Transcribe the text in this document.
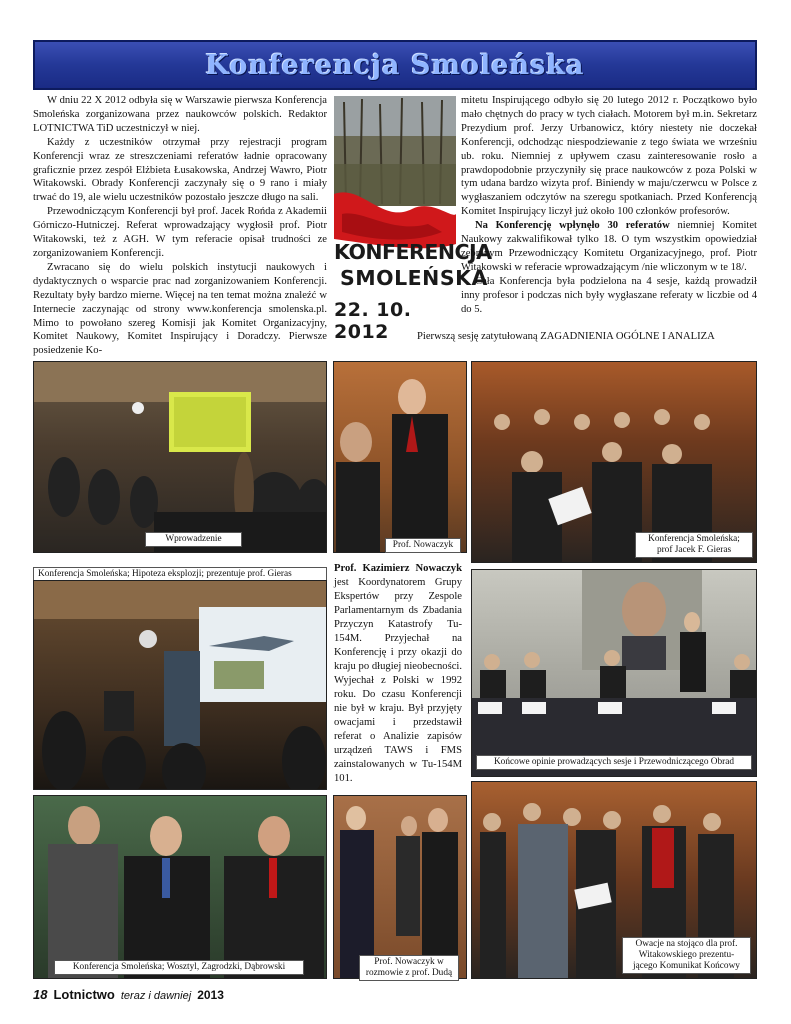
Konferencja Smoleńska

W dniu 22 X 2012 odbyła się w Warszawie pierwsza Konferencja Smoleńska zorganizowana przez naukowców polskich. Redaktor LOTNICTWA TiD uczestniczył w niej.

Każdy z uczestników otrzymał przy rejestracji program Konferencji wraz ze streszczeniami referatów ładnie opracowany graficznie przez zespół Elżbieta Łusakowska, Andrzej Wawro, Piotr Witakowski. Obrady Konferencji zaczynały się o 9 rano i miały trwać do 19, ale wielu uczestników pozostało jeszcze długo na sali.

Przewodniczącym Konferencji był prof. Jacek Rońda z Akademii Górniczo-Hutniczej. Referat wprowadzający wygłosił prof. Piotr Witakowski, też z AGH. W tym referacie opisał trudności ze zorganizowaniem Konferencji.

Zwracano się do wielu polskich instytucji naukowych i dydaktycznych o wsparcie prac nad zorganizowaniem Konferencji. Rezultaty były bardzo mierne. Więcej na ten temat można znaleźć w Internecie zaczynając od strony www.konferencja smolenska.pl. Mimo to powołano szereg Komisji jak Komitet Organizacyjny, Komitet Naukowy, Komitet Inspirujący i Doradczy. Pierwsze posiedzenie Ko-

KONFERENCJA
SMOLEŃSKA
22. 10. 2012

mitetu Inspirującego odbyło się 20 lutego 2012 r. Początkowo było mało chętnych do pracy w tych ciałach. Motorem był m.in. Sekretarz Prezydium prof. Jerzy Urbanowicz, który niestety nie doczekał Konferencji, odchodząc niespodziewanie z tego świata we wrześniu ub. roku. Niemniej z upływem czasu zainteresowanie rosło a prawdopodobnie przyczyniły się prace naukowców z poza Polski w tym udana bardzo wizyta prof. Biniendy w maju/czerwcu w Polsce z wygłaszaniem odczytów na szeregu spotkaniach. Przed Konferencją Komitet Inspirujący liczył już około 100 członków profesorów.

Na Konferencję wpłynęło 30 referatów niemniej Komitet Naukowy zakwalifikował tylko 18. O tym wszystkim opowiedział zebranym Przewodniczący Komitetu Organizacyjnego, prof. Piotr Witakowski w referacie wprowadzającym /nie wliczonym w te 18/.

Cała Konferencja była podzielona na 4 sesje, każdą prowadził inny profesor i podczas nich były wygłaszane referaty w liczbie od 4 do 5.

Pierwszą sesję zatytułowaną ZAGADNIENIA OGÓLNE I ANALIZA
Wprowadzenie
Prof. Nowaczyk
Konferencja Smoleńska;
prof Jacek F. Gieras
Konferencja Smoleńska; Hipoteza eksplozji; prezentuje prof. Gieras	Prof. Kazimierz Nowaczyk jest Koordynatorem Grupy Ekspertów przy Zespole Parlamentarnym ds Zbadania Przyczyn Katastrofy Tu-154M. Przyjechał na Konferencję i przy okazji do kraju po długiej nieobecności. Wyjechał z Polski w 1992 roku. Do czasu Konferencji nie był w kraju. Był przyjęty owacjami i przedstawił referat o Analizie zapisów urządzeń TAWS i FMS zainstalowanych w Tu-154M 101.
Końcowe opinie prowadzących sesje i Przewodniczącego Obrad
Konferencja Smoleńska; Wosztyl, Zagrodzki, Dąbrowski	Prof. Nowaczyk w
rozmowie z prof. Dudą
Owacje na stojąco dla prof.
Witakowskiego prezentu-
jącego Komunikat Końcowy
18 Lotnictwo teraz i dawniej 2013
